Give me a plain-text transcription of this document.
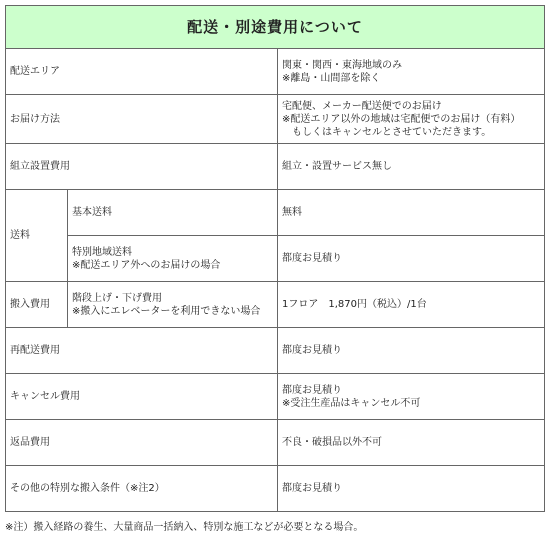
配送・別途費用について		
配送エリア		関東・関西・東海地域のみ
※離島・山間部を除く

お届け方法		宅配便、メーカー配送便でのお届け
※配送エリア以外の地域は宅配便でのお届け（有料）
もしくはキャンセルとさせていただきます。

組立設置費用		組立・設置サービス無し
送料	基本送料	無料

	特別地域送料
※配送エリア外へのお届けの場合	都度お見積り
搬入費用	階段上げ・下げ費用
※搬入にエレベーターを利用できない場合	1フロア　1,870円（税込）/1台
再配送費用		都度お見積り
キャンセル費用		都度お見積り
※受注生産品はキャンセル不可

返品費用		不良・破損品以外不可
その他の特別な搬入条件（※注2）		都度お見積り
※注）搬入経路の養生、大量商品一括納入、特別な施工などが必要となる場合。
